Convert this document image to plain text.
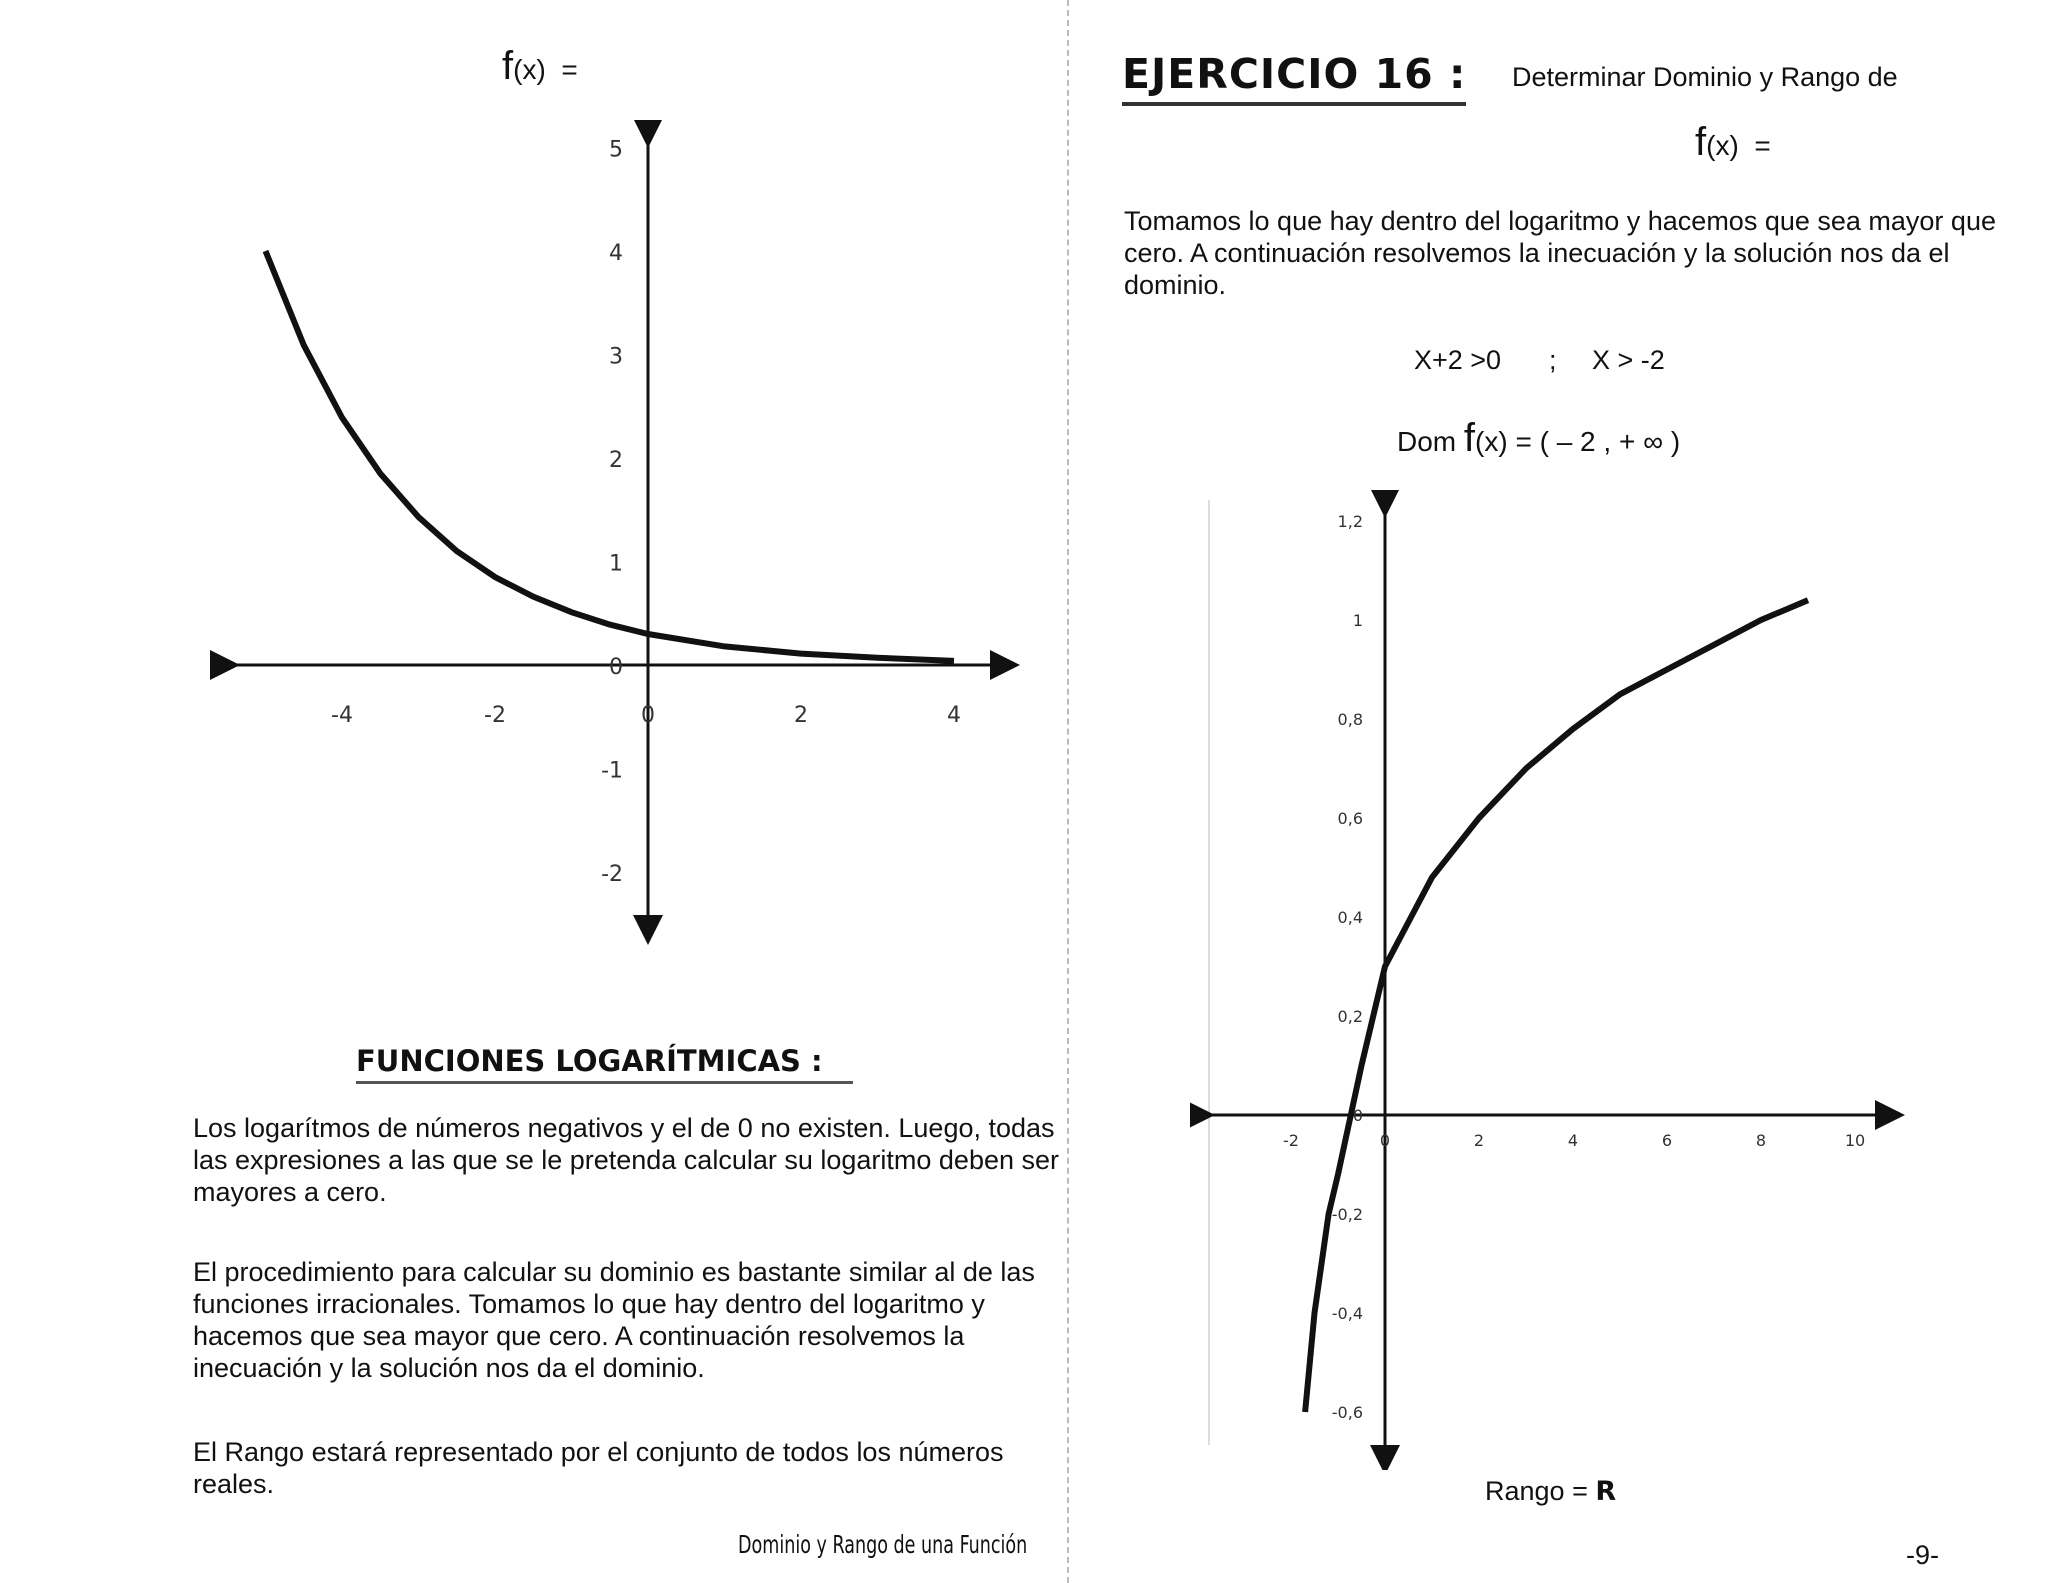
f(x) =
-4	-2	0	2	4
5
4
3
2
1
0
-1
-2
FUNCIONES LOGARÍTMICAS :
Los logarítmos de números negativos y el de 0 no existen. Luego, todas las expresiones a las que se le pretenda calcular su logaritmo deben ser mayores a cero.
El procedimiento para calcular su dominio es bastante similar al de las funciones irracionales. Tomamos lo que hay dentro del logaritmo y hacemos que sea mayor que cero. A continuación resolvemos la inecuación y la solución nos da el dominio.
El Rango estará representado por el conjunto de todos los números reales.
Dominio y Rango de una Función
EJERCICIO 16 : Determinar Dominio y Rango de
f(x) =
Tomamos lo que hay dentro del logaritmo y hacemos que sea mayor que cero. A continuación resolvemos la inecuación y la solución nos da el dominio.
X+2 >0 ; X > -2
Dom f(x) = ( – 2 , + ∞ )
-2	0	2	4	6	8	10
1,2
1
0,8
0,6
0,4
0,2
0
-0,2
-0,4
-0,6
Rango = R
-9-
